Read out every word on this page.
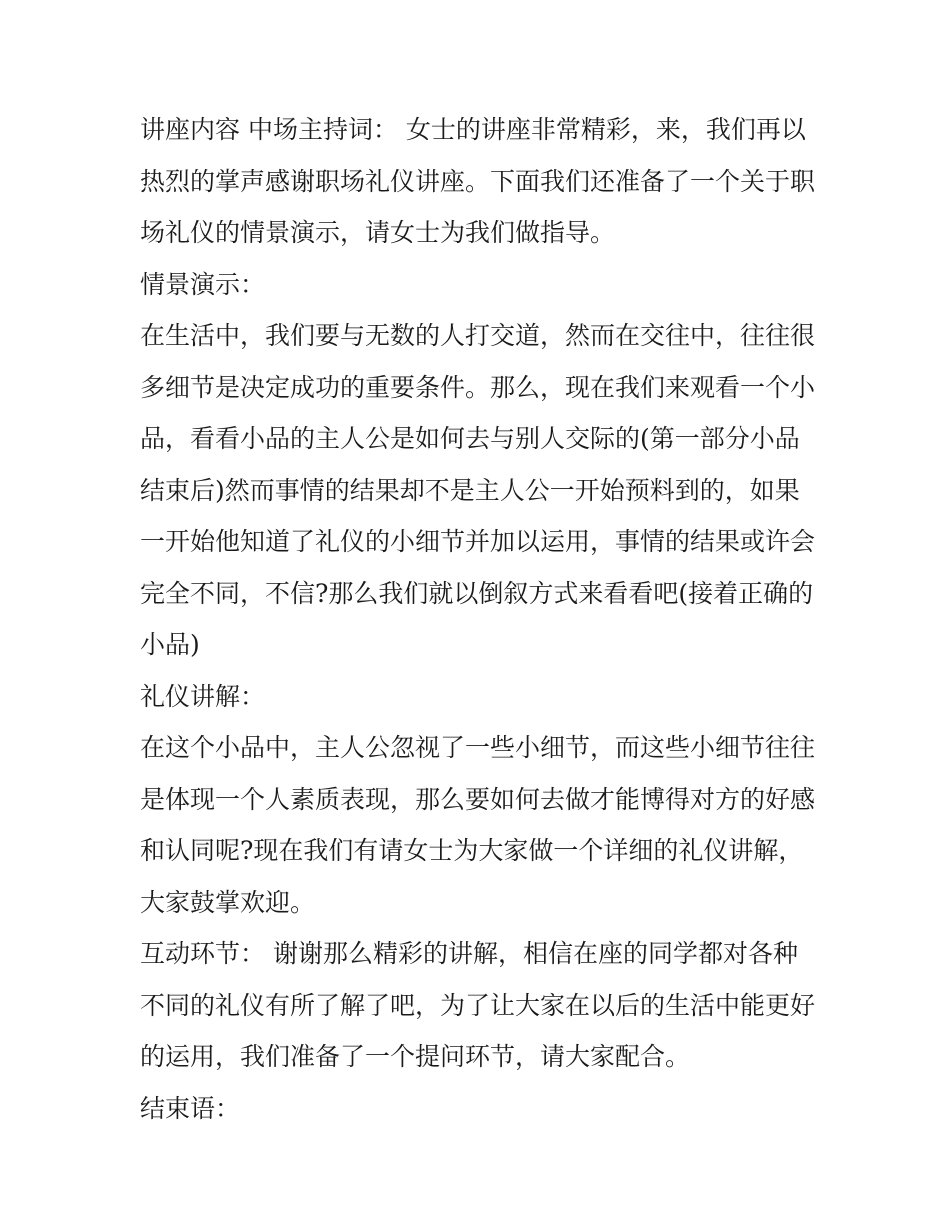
讲座内容 中场主持词： 女士的讲座非常精彩，来，我们再以
热烈的掌声感谢职场礼仪讲座。下面我们还准备了一个关于职
场礼仪的情景演示，请女士为我们做指导。

情景演示：

在生活中，我们要与无数的人打交道，然而在交往中，往往很
多细节是决定成功的重要条件。那么，现在我们来观看一个小
品，看看小品的主人公是如何去与别人交际的(第一部分小品
结束后)然而事情的结果却不是主人公一开始预料到的，如果
一开始他知道了礼仪的小细节并加以运用，事情的结果或许会
完全不同，不信?那么我们就以倒叙方式来看看吧(接着正确的
小品)

礼仪讲解：

在这个小品中，主人公忽视了一些小细节，而这些小细节往往
是体现一个人素质表现，那么要如何去做才能博得对方的好感
和认同呢?现在我们有请女士为大家做一个详细的礼仪讲解，
大家鼓掌欢迎。

互动环节： 谢谢那么精彩的讲解，相信在座的同学都对各种
不同的礼仪有所了解了吧，为了让大家在以后的生活中能更好
的运用，我们准备了一个提问环节，请大家配合。

结束语：
